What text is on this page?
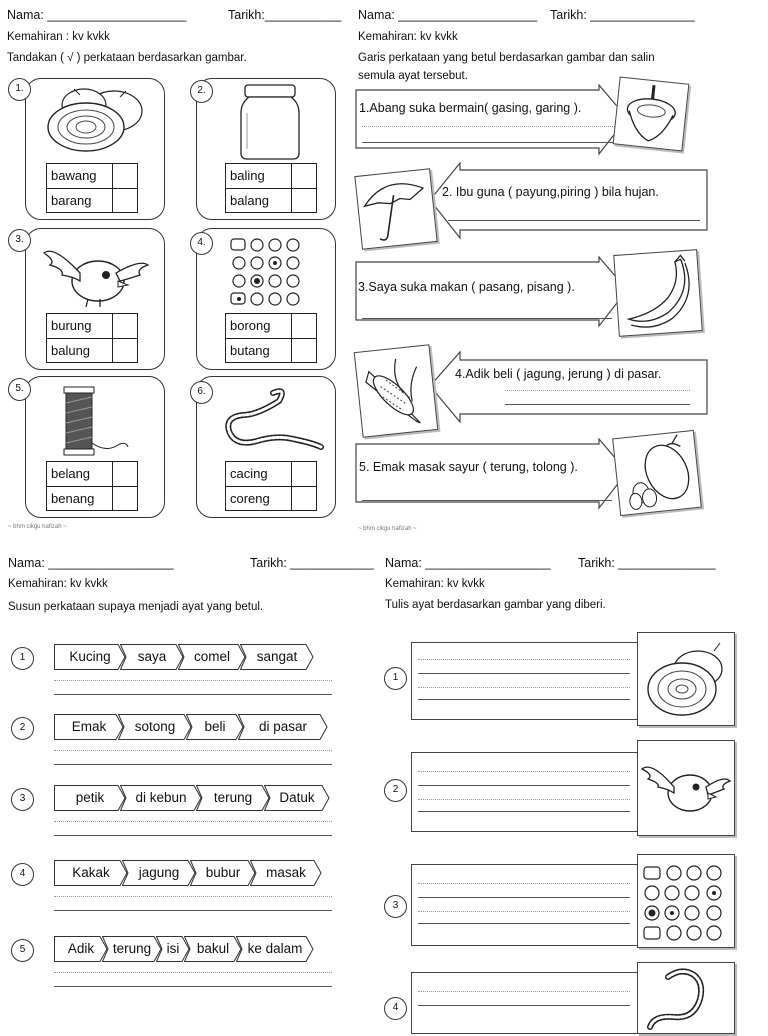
Nama: ____________________	Tarikh:___________
Kemahiran : kv kvkk
Tandakan ( √ ) perkataan berdasarkan gambar.
bawang
barang
1.
baling
balang
2.
burung
balung
3.
borong
butang
4.
belang
benang
5.
cacing
coreng
6.
~ bhm cikgu hafizah ~
Nama: ____________________ Tarikh: _______________
Kemahiran: kv kvkk
Garis perkataan yang betul berdasarkan gambar dan salin
semula ayat tersebut.
1.Abang suka bermain( gasing, garing ).
2. Ibu guna ( payung,piring ) bila hujan.
3.Saya suka makan ( pasang, pisang ).
4.Adik beli ( jagung, jerung ) di pasar.
5. Emak masak sayur ( terung, tolong ).
~ bhm cikgu hafizah ~
Nama: __________________	Tarikh: ____________
Kemahiran: kv kvkk
Susun perkataan supaya menjadi ayat yang betul.
1	Kucing	saya	comel	sangat
2	Emak	sotong	beli	di pasar
3	petik	di kebun	terung	Datuk
4	Kakak	jagung	bubur	masak
5	Adik	terung	isi	bakul	ke dalam
Nama: __________________ Tarikh: ______________
Kemahiran: kv kvkk
Tulis ayat berdasarkan gambar yang diberi.
1
2
3
4
